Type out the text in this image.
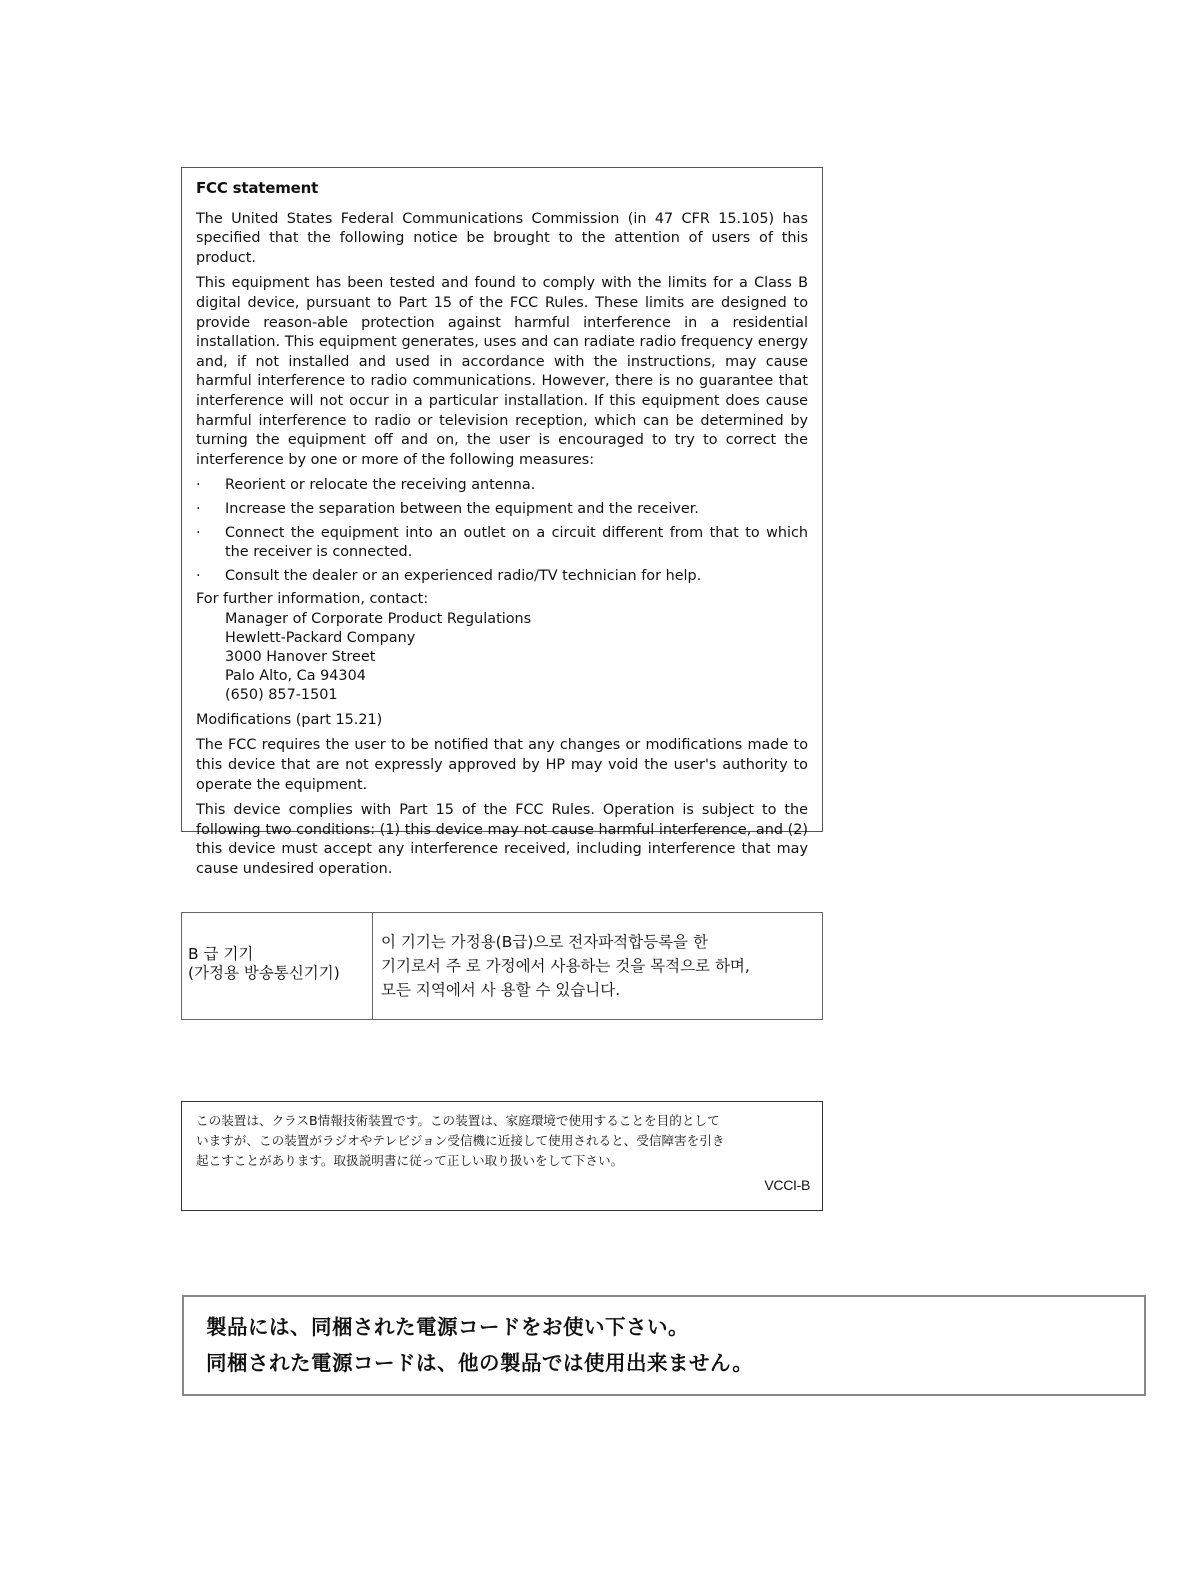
FCC statement

The United States Federal Communications Commission (in 47 CFR 15.105) has specified that the following notice be brought to the attention of users of this product.

This equipment has been tested and found to comply with the limits for a Class B digital device, pursuant to Part 15 of the FCC Rules. These limits are designed to provide reason-able protection against harmful interference in a residential installation. This equipment generates, uses and can radiate radio frequency energy and, if not installed and used in accordance with the instructions, may cause harmful interference to radio communications. However, there is no guarantee that interference will not occur in a particular installation. If this equipment does cause harmful interference to radio or television reception, which can be determined by turning the equipment off and on, the user is encouraged to try to correct the interference by one or more of the following measures:

· Reorient or relocate the receiving antenna.
· Increase the separation between the equipment and the receiver.
· Connect the equipment into an outlet on a circuit different from that to which the receiver is connected.
· Consult the dealer or an experienced radio/TV technician for help.
For further information, contact:
Manager of Corporate Product Regulations
Hewlett-Packard Company
3000 Hanover Street
Palo Alto, Ca 94304
(650) 857-1501

Modifications (part 15.21)

The FCC requires the user to be notified that any changes or modifications made to this device that are not expressly approved by HP may void the user's authority to operate the equipment.

This device complies with Part 15 of the FCC Rules. Operation is subject to the following two conditions: (1) this device may not cause harmful interference, and (2) this device must accept any interference received, including interference that may cause undesired operation.

B 급 기기
(가정용 방송통신기기)
이 기기는 가정용(B급)으로 전자파적합등록을 한
기기로서 주 로 가정에서 사용하는 것을 목적으로 하며,
모든 지역에서 사 용할 수 있습니다.
この装置は、クラスB情報技術装置です。この装置は、家庭環境で使用することを目的として
いますが、この装置がラジオやテレビジョン受信機に近接して使用されると、受信障害を引き
起こすことがあります。取扱説明書に従って正しい取り扱いをして下さい。
VCCI-B
製品には、同梱された電源コードをお使い下さい。
同梱された電源コードは、他の製品では使用出来ません。
